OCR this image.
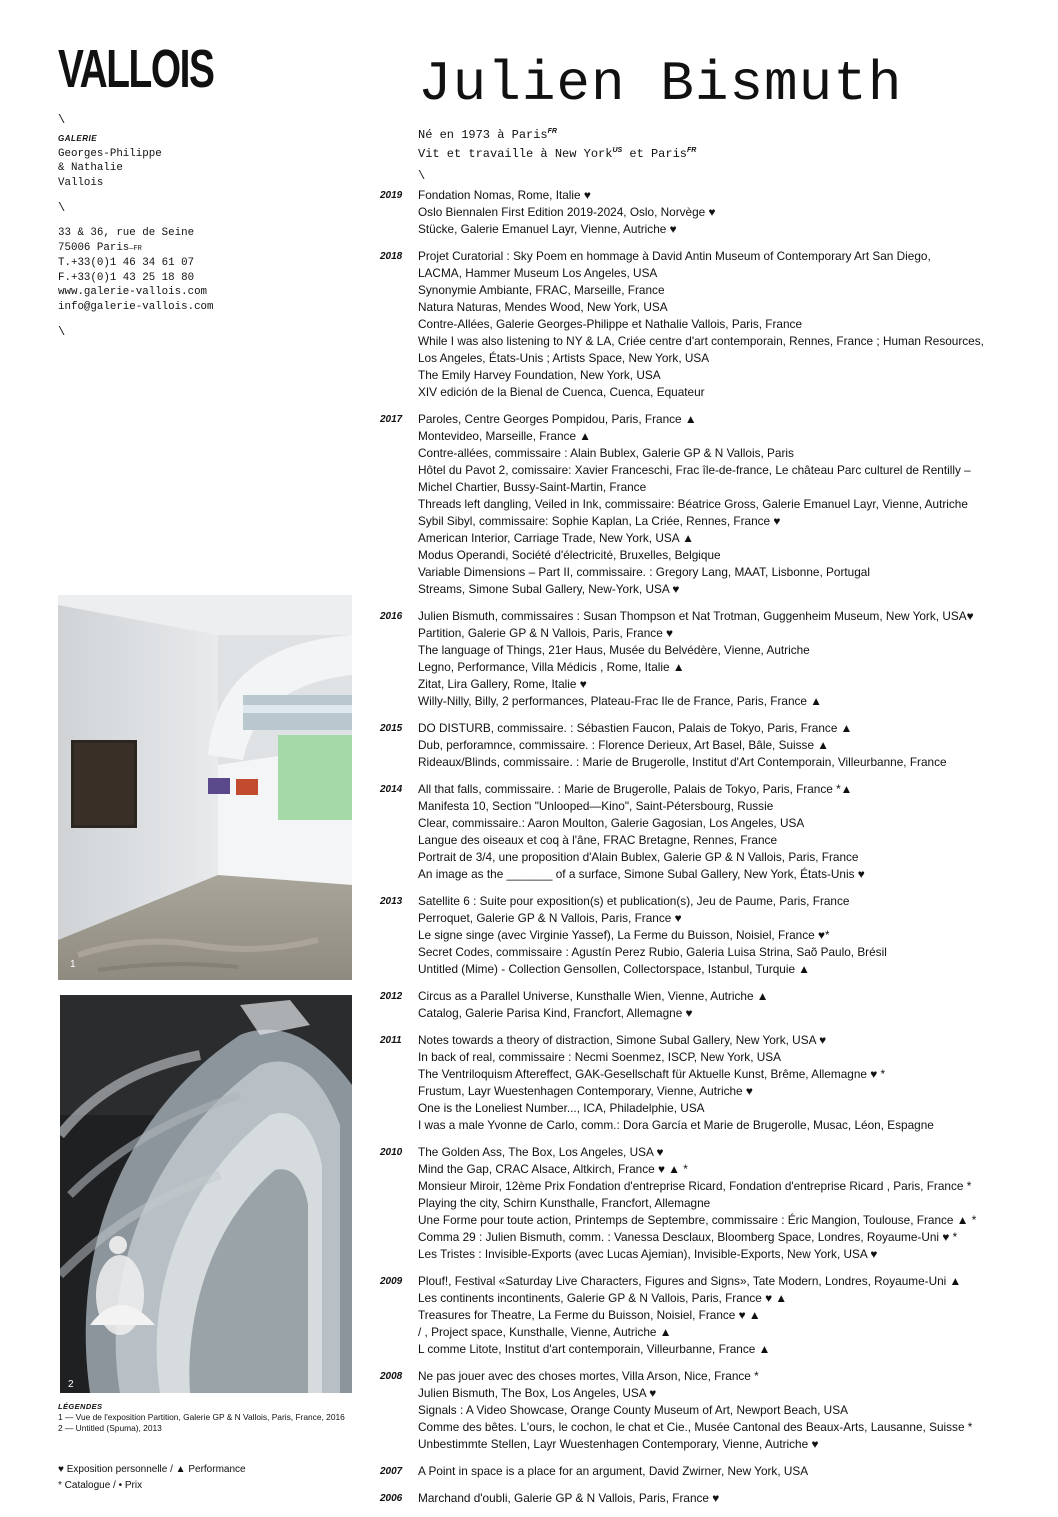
VALLOIS
\
GALERIE
Georges-Philippe
& Nathalie
Vallois
\
33 & 36, rue de Seine
75006 Paris—FR
T.+33(0)1 46 34 61 07
F.+33(0)1 43 25 18 80
www.galerie-vallois.com
info@galerie-vallois.com
\
Julien Bismuth
Né en 1973 à Paris$^{FR}$
Vit et travaille à New York$^{US}$ et Paris$^{FR}$
\
1
2
LÉGENDES
1 — Vue de l'exposition Partition, Galerie GP & N Vallois, Paris, France, 2016
2 — Untitled (Spuma), 2013
♥ Exposition personnelle / ▲ Performance
* Catalogue / • Prix
2019	Fondation Nomas, Rome, Italie ♥
Oslo Biennalen First Edition 2019-2024, Oslo, Norvège ♥
Stücke, Galerie Emanuel Layr, Vienne, Autriche ♥
2018	Projet Curatorial : Sky Poem en hommage à David Antin Museum of Contemporary Art San Diego,
LACMA, Hammer Museum Los Angeles, USA
Synonymie Ambiante, FRAC, Marseille, France
Natura Naturas, Mendes Wood, New York, USA
Contre-Allées, Galerie Georges-Philippe et Nathalie Vallois, Paris, France
While I was also listening to NY & LA, Criée centre d'art contemporain, Rennes, France ; Human Resources,
Los Angeles, États-Unis ; Artists Space, New York, USA
The Emily Harvey Foundation, New York, USA
XIV edición de la Bienal de Cuenca, Cuenca, Equateur
2017	Paroles, Centre Georges Pompidou, Paris, France ▲
Montevideo, Marseille, France ▲
Contre-allées, commissaire : Alain Bublex, Galerie GP & N Vallois, Paris
Hôtel du Pavot 2, comissaire: Xavier Franceschi, Frac île-de-france, Le château Parc culturel de Rentilly –
Michel Chartier, Bussy-Saint-Martin, France
Threads left dangling, Veiled in Ink, commissaire: Béatrice Gross, Galerie Emanuel Layr, Vienne, Autriche
Sybil Sibyl, commissaire: Sophie Kaplan, La Criée, Rennes, France ♥
American Interior, Carriage Trade, New York, USA ▲
Modus Operandi, Société d'électricité, Bruxelles, Belgique
Variable Dimensions – Part II, commissaire. : Gregory Lang, MAAT, Lisbonne, Portugal
Streams, Simone Subal Gallery, New-York, USA ♥
2016	Julien Bismuth, commissaires : Susan Thompson et Nat Trotman, Guggenheim Museum, New York, USA♥
Partition, Galerie GP & N Vallois, Paris, France ♥
The language of Things, 21er Haus, Musée du Belvédère, Vienne, Autriche
Legno, Performance, Villa Médicis , Rome, Italie ▲
Zitat, Lira Gallery, Rome, Italie ♥
Willy-Nilly, Billy, 2 performances, Plateau-Frac Ile de France, Paris, France ▲
2015	DO DISTURB, commissaire. : Sébastien Faucon, Palais de Tokyo, Paris, France ▲
Dub, perforamnce, commissaire. : Florence Derieux, Art Basel, Bâle, Suisse ▲
Rideaux/Blinds, commissaire. : Marie de Brugerolle, Institut d'Art Contemporain, Villeurbanne, France
2014	All that falls, commissaire. : Marie de Brugerolle, Palais de Tokyo, Paris, France *▲
Manifesta 10, Section "Unlooped—Kino", Saint-Pétersbourg, Russie
Clear, commissaire.: Aaron Moulton, Galerie Gagosian, Los Angeles, USA
Langue des oiseaux et coq à l'âne, FRAC Bretagne, Rennes, France
Portrait de 3/4, une proposition d'Alain Bublex, Galerie GP & N Vallois, Paris, France
An image as the _______ of a surface, Simone Subal Gallery, New York, États-Unis ♥
2013	Satellite 6 : Suite pour exposition(s) et publication(s), Jeu de Paume, Paris, France
Perroquet, Galerie GP & N Vallois, Paris, France ♥
Le signe singe (avec Virginie Yassef), La Ferme du Buisson, Noisiel, France ♥*
Secret Codes, commissaire : Agustín Perez Rubio, Galeria Luisa Strina, Saõ Paulo, Brésil
Untitled (Mime) - Collection Gensollen, Collectorspace, Istanbul, Turquie ▲
2012	Circus as a Parallel Universe, Kunsthalle Wien, Vienne, Autriche ▲
Catalog, Galerie Parisa Kind, Francfort, Allemagne ♥
2011	Notes towards a theory of distraction, Simone Subal Gallery, New York, USA ♥
In back of real, commissaire : Necmi Soenmez, ISCP, New York, USA
The Ventriloquism Aftereffect, GAK-Gesellschaft für Aktuelle Kunst, Brême, Allemagne ♥ *
Frustum, Layr Wuestenhagen Contemporary, Vienne, Autriche ♥
One is the Loneliest Number..., ICA, Philadelphie, USA
I was a male Yvonne de Carlo, comm.: Dora García et Marie de Brugerolle, Musac, Léon, Espagne
2010	The Golden Ass, The Box, Los Angeles, USA ♥
Mind the Gap, CRAC Alsace, Altkirch, France ♥ ▲ *
Monsieur Miroir, 12ème Prix Fondation d'entreprise Ricard, Fondation d'entreprise Ricard , Paris, France *
Playing the city, Schirn Kunsthalle, Francfort, Allemagne
Une Forme pour toute action, Printemps de Septembre, commissaire : Éric Mangion, Toulouse, France ▲ *
Comma 29 : Julien Bismuth, comm. : Vanessa Desclaux, Bloomberg Space, Londres, Royaume-Uni ♥ *
Les Tristes : Invisible-Exports (avec Lucas Ajemian), Invisible-Exports, New York, USA ♥
2009	Plouf!, Festival «Saturday Live Characters, Figures and Signs», Tate Modern, Londres, Royaume-Uni ▲
Les continents incontinents, Galerie GP & N Vallois, Paris, France ♥ ▲
Treasures for Theatre, La Ferme du Buisson, Noisiel, France ♥ ▲
/ , Project space, Kunsthalle, Vienne, Autriche ▲
L comme Litote, Institut d'art contemporain, Villeurbanne, France ▲
2008	Ne pas jouer avec des choses mortes, Villa Arson, Nice, France *
Julien Bismuth, The Box, Los Angeles, USA ♥
Signals : A Video Showcase, Orange County Museum of Art, Newport Beach, USA
Comme des bêtes. L'ours, le cochon, le chat et Cie., Musée Cantonal des Beaux-Arts, Lausanne, Suisse *
Unbestimmte Stellen, Layr Wuestenhagen Contemporary, Vienne, Autriche ♥
2007	A Point in space is a place for an argument, David Zwirner, New York, USA
2006	Marchand d'oubli, Galerie GP & N Vallois, Paris, France ♥
